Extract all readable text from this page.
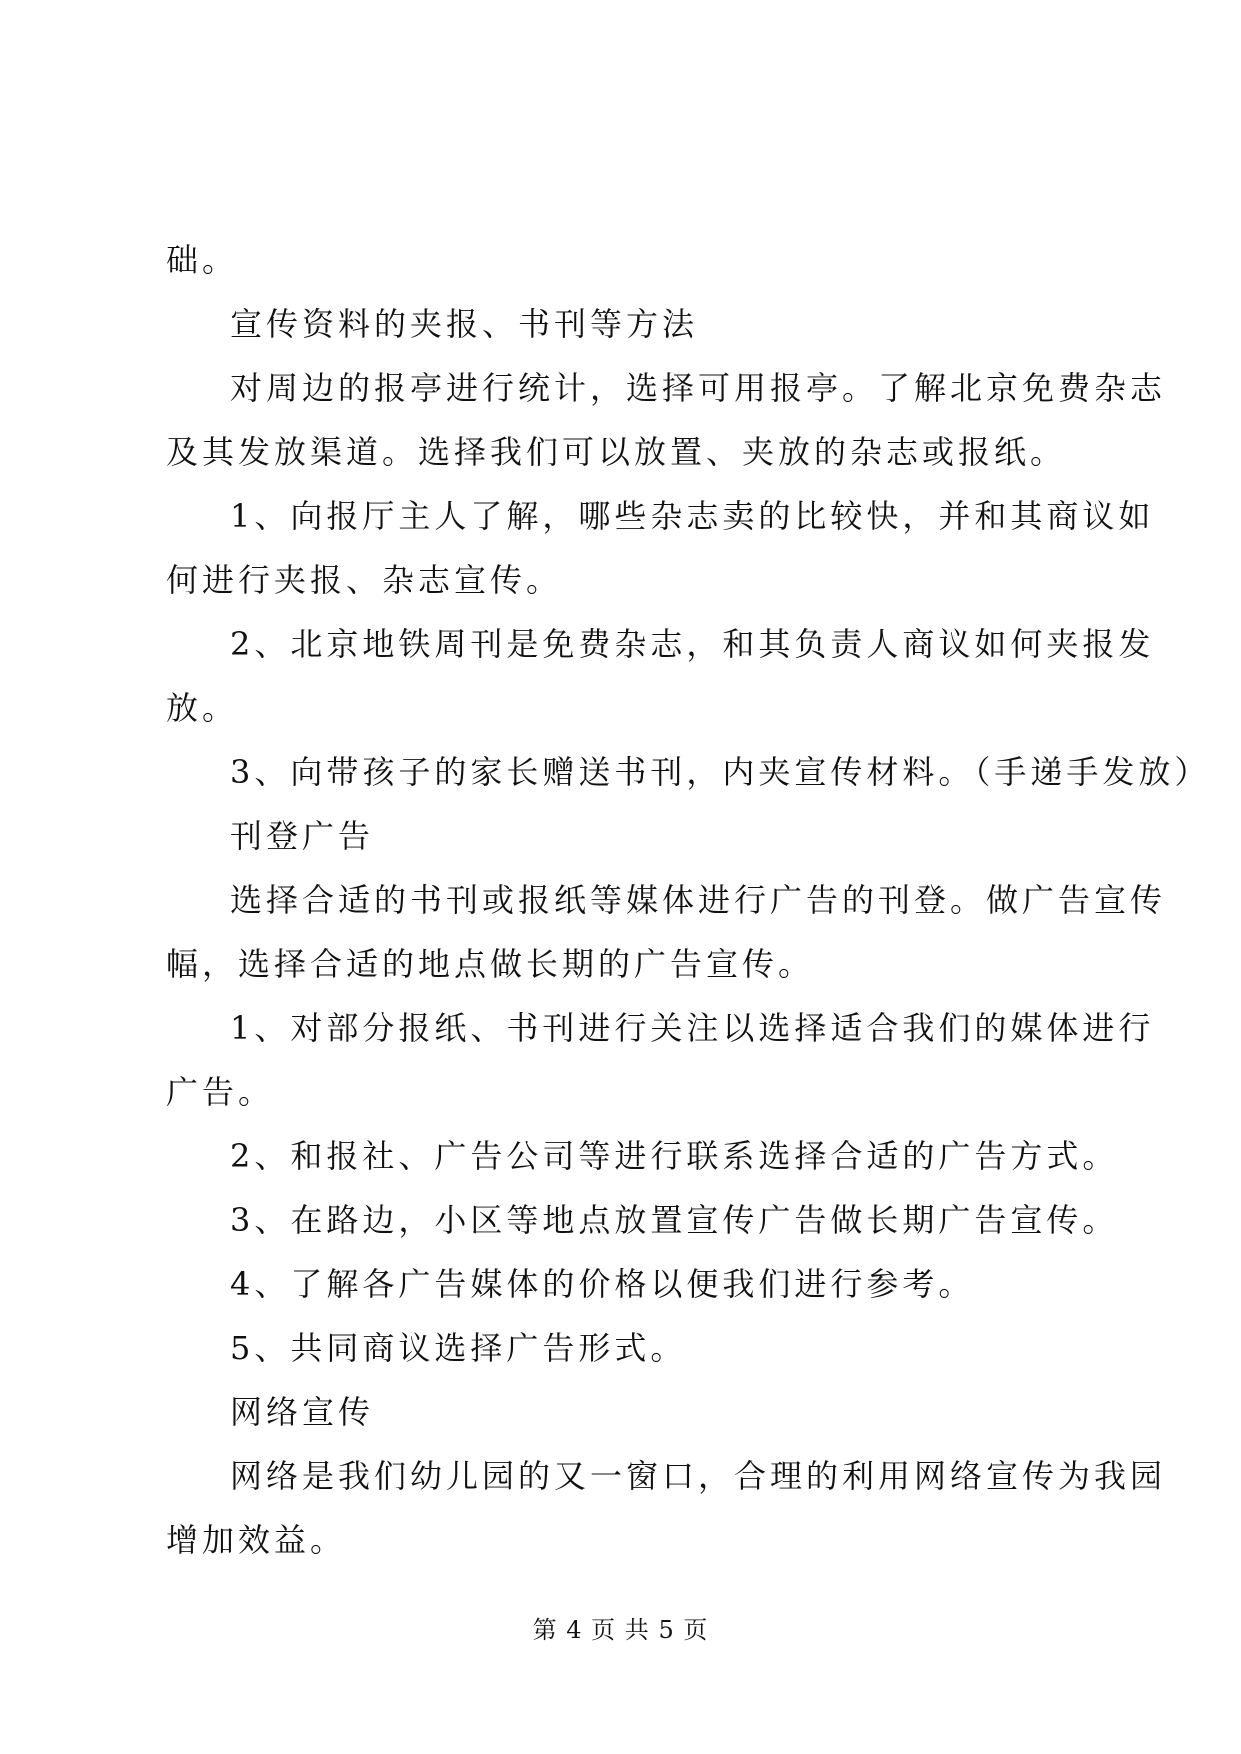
础。
宣传资料的夹报、书刊等方法
对周边的报亭进行统计，选择可用报亭。了解北京免费杂志
及其发放渠道。选择我们可以放置、夹放的杂志或报纸。
1、向报厅主人了解，哪些杂志卖的比较快，并和其商议如
何进行夹报、杂志宣传。
2、北京地铁周刊是免费杂志，和其负责人商议如何夹报发
放。
3、向带孩子的家长赠送书刊，内夹宣传材料。（手递手发放）
刊登广告
选择合适的书刊或报纸等媒体进行广告的刊登。做广告宣传
幅，选择合适的地点做长期的广告宣传。
1、对部分报纸、书刊进行关注以选择适合我们的媒体进行
广告。
2、和报社、广告公司等进行联系选择合适的广告方式。
3、在路边，小区等地点放置宣传广告做长期广告宣传。
4、了解各广告媒体的价格以便我们进行参考。
5、共同商议选择广告形式。
网络宣传
网络是我们幼儿园的又一窗口，合理的利用网络宣传为我园
增加效益。
第 4 页 共 5 页
